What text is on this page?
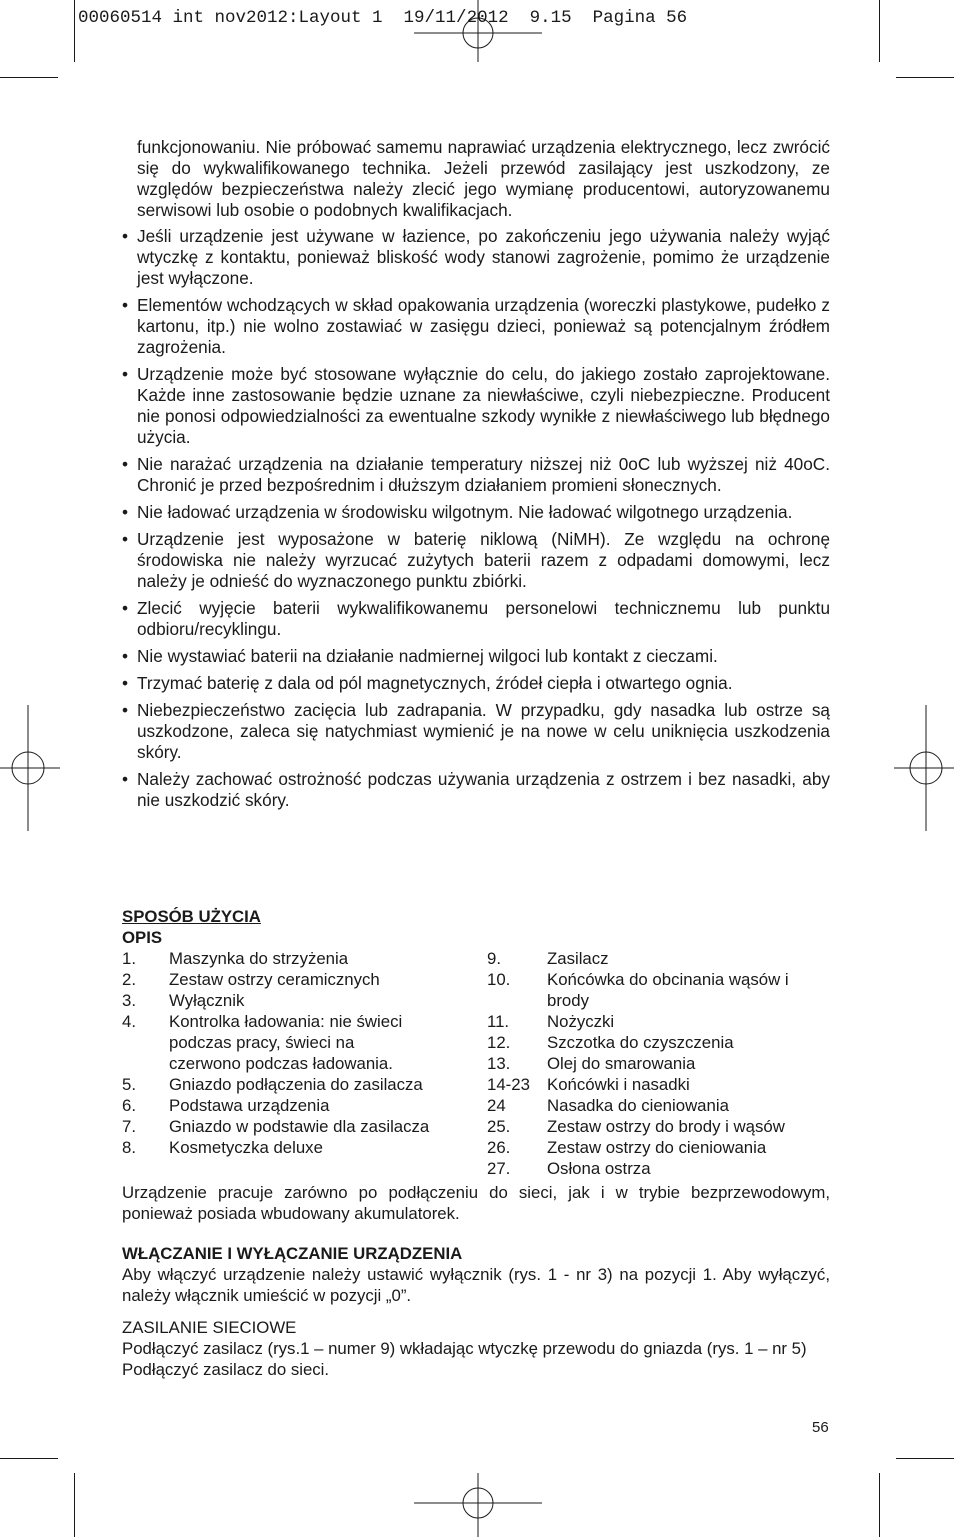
00060514 int nov2012:Layout 1  19/11/2012  9.15  Pagina 56

funkcjonowaniu. Nie próbować samemu naprawiać urządzenia elektrycznego, lecz zwrócić się do wykwalifikowanego technika. Jeżeli przewód zasilający jest uszkodzony, ze względów bezpieczeństwa należy zlecić jego wymianę producentowi, autoryzowanemu serwisowi lub osobie o podobnych kwalifikacjach.

• Jeśli urządzenie jest używane w łazience, po zakończeniu jego używania należy wyjąć wtyczkę z kontaktu, ponieważ bliskość wody stanowi zagrożenie, pomimo że urządzenie jest wyłączone.
• Elementów wchodzących w skład opakowania urządzenia (woreczki plastykowe, pudełko z kartonu, itp.) nie wolno zostawiać w zasięgu dzieci, ponieważ są potencjalnym źródłem zagrożenia.
• Urządzenie może być stosowane wyłącznie do celu, do jakiego zostało zaprojektowane. Każde inne zastosowanie będzie uznane za niewłaściwe, czyli niebezpieczne. Producent nie ponosi odpowiedzialności za ewentualne szkody wynikłe z niewłaściwego lub błędnego użycia.
• Nie narażać urządzenia na działanie temperatury niższej niż 0oC lub wyższej niż 40oC. Chronić je przed bezpośrednim i dłuższym działaniem promieni słonecznych.
• Nie ładować urządzenia w środowisku wilgotnym. Nie ładować wilgotnego urządzenia.
• Urządzenie jest wyposażone w baterię niklową (NiMH). Ze względu na ochronę środowiska nie należy wyrzucać zużytych baterii razem z odpadami domowymi, lecz należy je odnieść do wyznaczonego punktu zbiórki.
• Zlecić wyjęcie baterii wykwalifikowanemu personelowi technicznemu lub punktu odbioru/recyklingu.
• Nie wystawiać baterii na działanie nadmiernej wilgoci lub kontakt z cieczami.
• Trzymać baterię z dala od pól magnetycznych, źródeł ciepła i otwartego ognia.
• Niebezpieczeństwo zacięcia lub zadrapania. W przypadku, gdy nasadka lub ostrze są uszkodzone, zaleca się natychmiast wymienić je na nowe w celu uniknięcia uszkodzenia skóry.
• Należy zachować ostrożność podczas używania urządzenia z ostrzem i bez nasadki, aby nie uszkodzić skóry.

SPOSÓB UŻYCIA

OPIS

1.	Maszynka do strzyżenia
2.	Zestaw ostrzy ceramicznych
3.	Wyłącznik
4.	Kontrolka ładowania: nie świeci podczas pracy, świeci na czerwono podczas ładowania.
5.	Gniazdo podłączenia do zasilacza
6.	Podstawa urządzenia
7.	Gniazdo w podstawie dla zasilacza
8.	Kosmetyczka deluxe
9.	Zasilacz
10.	Końcówka do obcinania wąsów i brody
11.	Nożyczki
12.	Szczotka do czyszczenia
13.	Olej do smarowania
14-23	Końcówki i nasadki
24	Nasadka do cieniowania
25.	Zestaw ostrzy do brody i wąsów
26.	Zestaw ostrzy do cieniowania
27.	Osłona ostrza

Urządzenie pracuje zarówno po podłączeniu do sieci, jak i w trybie bezprzewodowym, ponieważ posiada wbudowany akumulatorek.

WŁĄCZANIE I WYŁĄCZANIE URZĄDZENIA

Aby włączyć urządzenie należy ustawić wyłącznik (rys. 1 - nr 3) na pozycji 1. Aby wyłączyć, należy włącznik umieścić w pozycji „0”.

ZASILANIE SIECIOWE

Podłączyć zasilacz (rys.1 – numer 9) wkładając wtyczkę przewodu do gniazda (rys. 1 – nr 5)

Podłączyć zasilacz do sieci.

56
